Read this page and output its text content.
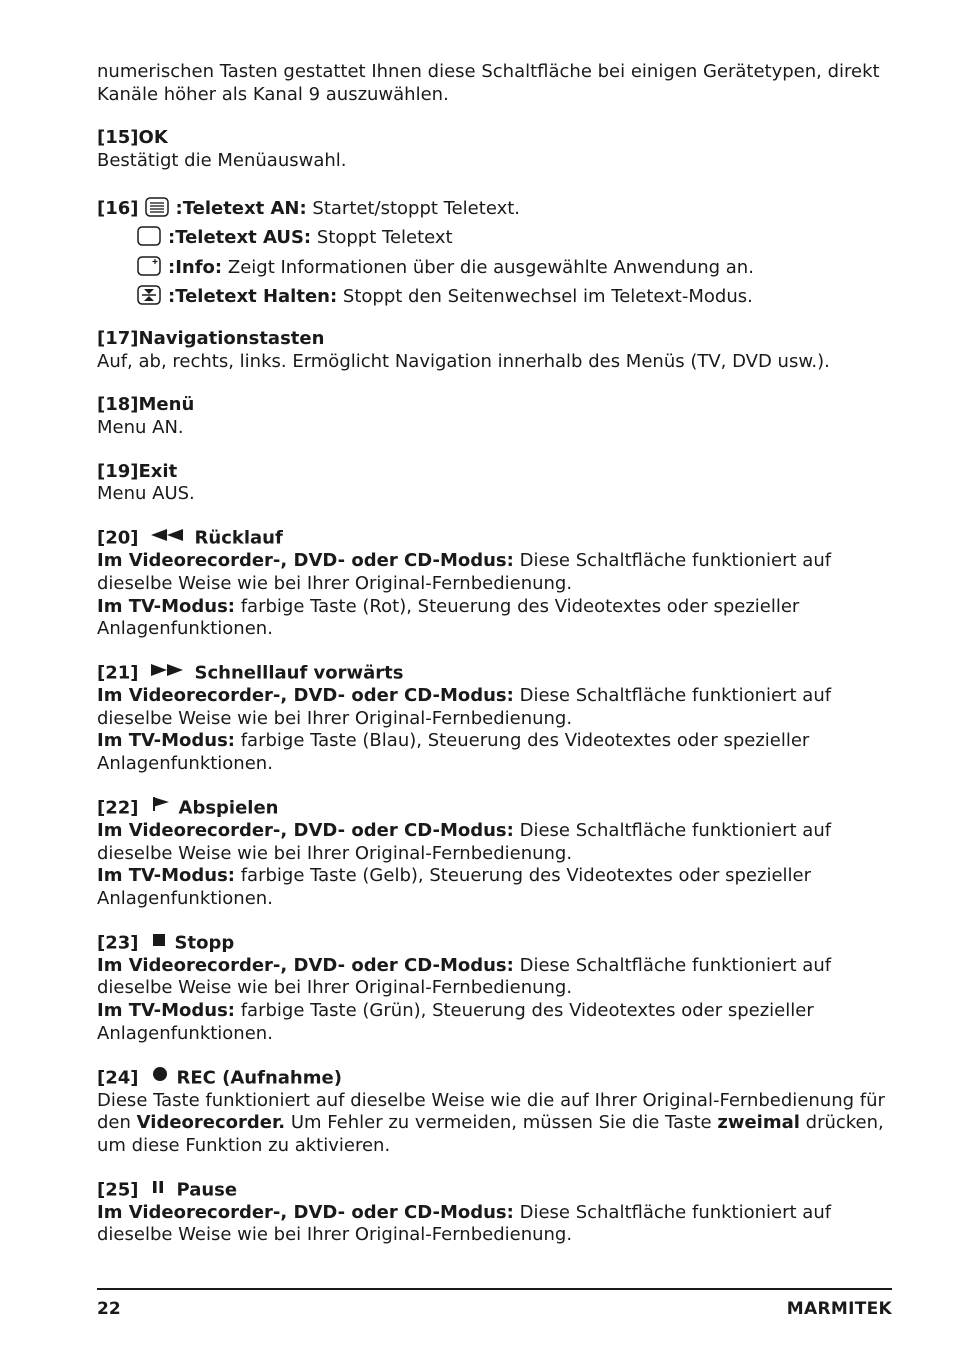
numerischen Tasten gestattet Ihnen diese Schaltfläche bei einigen Gerätetypen, direkt Kanäle höher als Kanal 9 auszuwählen.

[15]OK

Bestätigt die Menüauswahl.

[16] :Teletext AN: Startet/stoppt Teletext.
:Teletext AUS: Stoppt Teletext
:Info: Zeigt Informationen über die ausgewählte Anwendung an.
:Teletext Halten: Stoppt den Seitenwechsel im Teletext-Modus.

[17]Navigationstasten

Auf, ab, rechts, links. Ermöglicht Navigation innerhalb des Menüs (TV, DVD usw.).

[18]Menü

Menu AN.

[19]Exit

Menu AUS.

[20]	Rücklauf

Im Videorecorder-, DVD- oder CD-Modus: Diese Schaltfläche funktioniert auf dieselbe Weise wie bei Ihrer Original-Fernbedienung.
Im TV-Modus: farbige Taste (Rot), Steuerung des Videotextes oder spezieller Anlagenfunktionen.

[21]	Schnelllauf vorwärts

Im Videorecorder-, DVD- oder CD-Modus: Diese Schaltfläche funktioniert auf dieselbe Weise wie bei Ihrer Original-Fernbedienung.
Im TV-Modus: farbige Taste (Blau), Steuerung des Videotextes oder spezieller Anlagenfunktionen.

[22] Abspielen

Im Videorecorder-, DVD- oder CD-Modus: Diese Schaltfläche funktioniert auf dieselbe Weise wie bei Ihrer Original-Fernbedienung.
Im TV-Modus: farbige Taste (Gelb), Steuerung des Videotextes oder spezieller Anlagenfunktionen.

[23] Stopp

Im Videorecorder-, DVD- oder CD-Modus: Diese Schaltfläche funktioniert auf dieselbe Weise wie bei Ihrer Original-Fernbedienung.
Im TV-Modus: farbige Taste (Grün), Steuerung des Videotextes oder spezieller Anlagenfunktionen.

[24] REC (Aufnahme)

Diese Taste funktioniert auf dieselbe Weise wie die auf Ihrer Original-Fernbedienung für den Videorecorder. Um Fehler zu vermeiden, müssen Sie die Taste zweimal drücken, um diese Funktion zu aktivieren.

[25] Pause

Im Videorecorder-, DVD- oder CD-Modus: Diese Schaltfläche funktioniert auf dieselbe Weise wie bei Ihrer Original-Fernbedienung.

22	MARMITEK
